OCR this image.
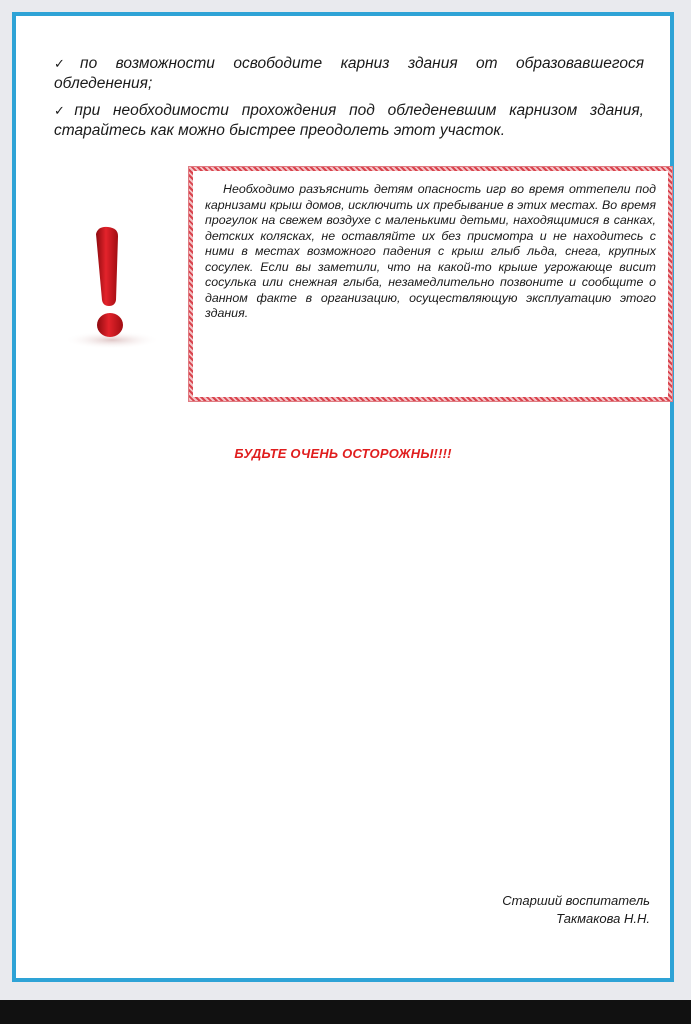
✓по возможности освободите карниз здания от образовавшегося обледенения;

✓при необходимости прохождения под обледеневшим карнизом здания, старайтесь как можно быстрее преодолеть этот участок.

Необходимо разъяснить детям опасность игр во время оттепели под карнизами крыш домов, исключить их пребывание в этих местах. Во время прогулок на свежем воздухе с маленькими детьми, находящимися в санках, детских колясках, не оставляйте их без присмотра и не находитесь с ними в местах возможного падения с крыш глыб льда, снега, крупных сосулек. Если вы заметили, что на какой-то крыше угрожающе висит сосулька или снежная глыба, незамедлительно позвоните и сообщите о данном факте в организацию, осуществляющую эксплуатацию этого здания.

БУДЬТЕ ОЧЕНЬ ОСТОРОЖНЫ!!!!
Старший воспитатель
Такмакова Н.Н.
